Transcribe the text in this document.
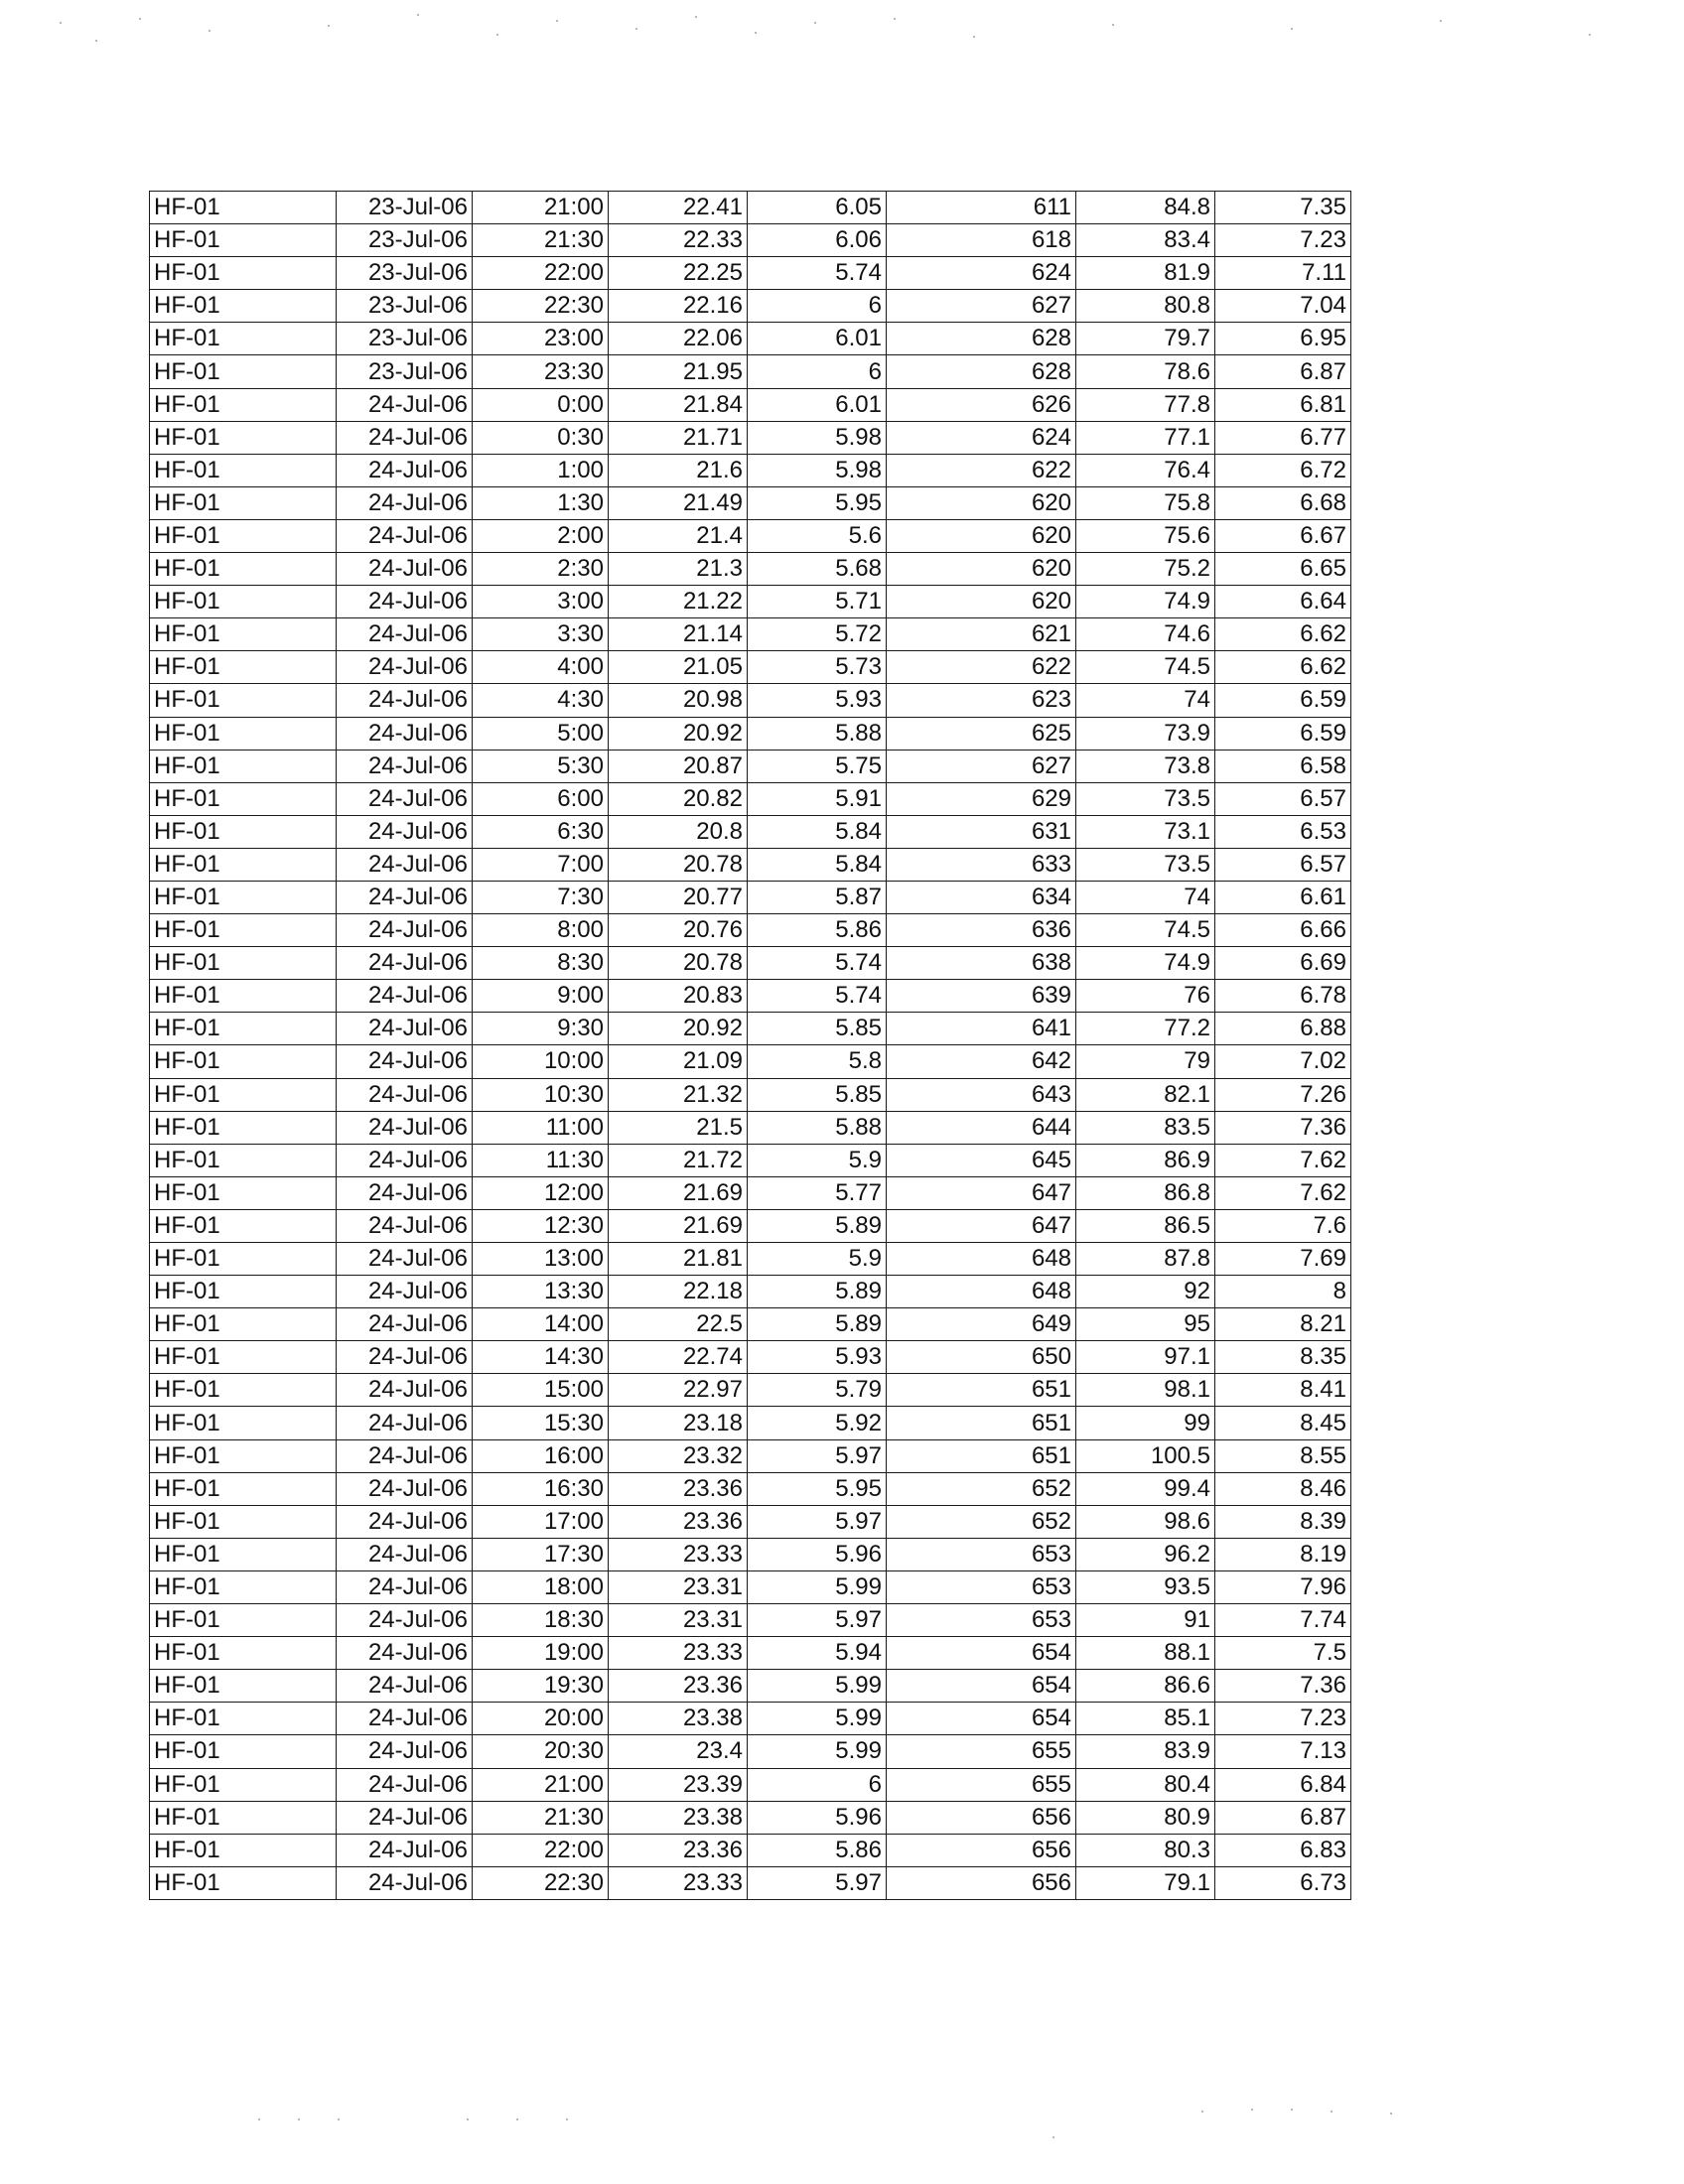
HF-01	23-Jul-06	21:00	22.41	6.05	611	84.8	7.35
HF-01	23-Jul-06	21:30	22.33	6.06	618	83.4	7.23
HF-01	23-Jul-06	22:00	22.25	5.74	624	81.9	7.11
HF-01	23-Jul-06	22:30	22.16	6	627	80.8	7.04
HF-01	23-Jul-06	23:00	22.06	6.01	628	79.7	6.95
HF-01	23-Jul-06	23:30	21.95	6	628	78.6	6.87
HF-01	24-Jul-06	0:00	21.84	6.01	626	77.8	6.81
HF-01	24-Jul-06	0:30	21.71	5.98	624	77.1	6.77
HF-01	24-Jul-06	1:00	21.6	5.98	622	76.4	6.72
HF-01	24-Jul-06	1:30	21.49	5.95	620	75.8	6.68
HF-01	24-Jul-06	2:00	21.4	5.6	620	75.6	6.67
HF-01	24-Jul-06	2:30	21.3	5.68	620	75.2	6.65
HF-01	24-Jul-06	3:00	21.22	5.71	620	74.9	6.64
HF-01	24-Jul-06	3:30	21.14	5.72	621	74.6	6.62
HF-01	24-Jul-06	4:00	21.05	5.73	622	74.5	6.62
HF-01	24-Jul-06	4:30	20.98	5.93	623	74	6.59
HF-01	24-Jul-06	5:00	20.92	5.88	625	73.9	6.59
HF-01	24-Jul-06	5:30	20.87	5.75	627	73.8	6.58
HF-01	24-Jul-06	6:00	20.82	5.91	629	73.5	6.57
HF-01	24-Jul-06	6:30	20.8	5.84	631	73.1	6.53
HF-01	24-Jul-06	7:00	20.78	5.84	633	73.5	6.57
HF-01	24-Jul-06	7:30	20.77	5.87	634	74	6.61
HF-01	24-Jul-06	8:00	20.76	5.86	636	74.5	6.66
HF-01	24-Jul-06	8:30	20.78	5.74	638	74.9	6.69
HF-01	24-Jul-06	9:00	20.83	5.74	639	76	6.78
HF-01	24-Jul-06	9:30	20.92	5.85	641	77.2	6.88
HF-01	24-Jul-06	10:00	21.09	5.8	642	79	7.02
HF-01	24-Jul-06	10:30	21.32	5.85	643	82.1	7.26
HF-01	24-Jul-06	11:00	21.5	5.88	644	83.5	7.36
HF-01	24-Jul-06	11:30	21.72	5.9	645	86.9	7.62
HF-01	24-Jul-06	12:00	21.69	5.77	647	86.8	7.62
HF-01	24-Jul-06	12:30	21.69	5.89	647	86.5	7.6
HF-01	24-Jul-06	13:00	21.81	5.9	648	87.8	7.69
HF-01	24-Jul-06	13:30	22.18	5.89	648	92	8
HF-01	24-Jul-06	14:00	22.5	5.89	649	95	8.21
HF-01	24-Jul-06	14:30	22.74	5.93	650	97.1	8.35
HF-01	24-Jul-06	15:00	22.97	5.79	651	98.1	8.41
HF-01	24-Jul-06	15:30	23.18	5.92	651	99	8.45
HF-01	24-Jul-06	16:00	23.32	5.97	651	100.5	8.55
HF-01	24-Jul-06	16:30	23.36	5.95	652	99.4	8.46
HF-01	24-Jul-06	17:00	23.36	5.97	652	98.6	8.39
HF-01	24-Jul-06	17:30	23.33	5.96	653	96.2	8.19
HF-01	24-Jul-06	18:00	23.31	5.99	653	93.5	7.96
HF-01	24-Jul-06	18:30	23.31	5.97	653	91	7.74
HF-01	24-Jul-06	19:00	23.33	5.94	654	88.1	7.5
HF-01	24-Jul-06	19:30	23.36	5.99	654	86.6	7.36
HF-01	24-Jul-06	20:00	23.38	5.99	654	85.1	7.23
HF-01	24-Jul-06	20:30	23.4	5.99	655	83.9	7.13
HF-01	24-Jul-06	21:00	23.39	6	655	80.4	6.84
HF-01	24-Jul-06	21:30	23.38	5.96	656	80.9	6.87
HF-01	24-Jul-06	22:00	23.36	5.86	656	80.3	6.83
HF-01	24-Jul-06	22:30	23.33	5.97	656	79.1	6.73
